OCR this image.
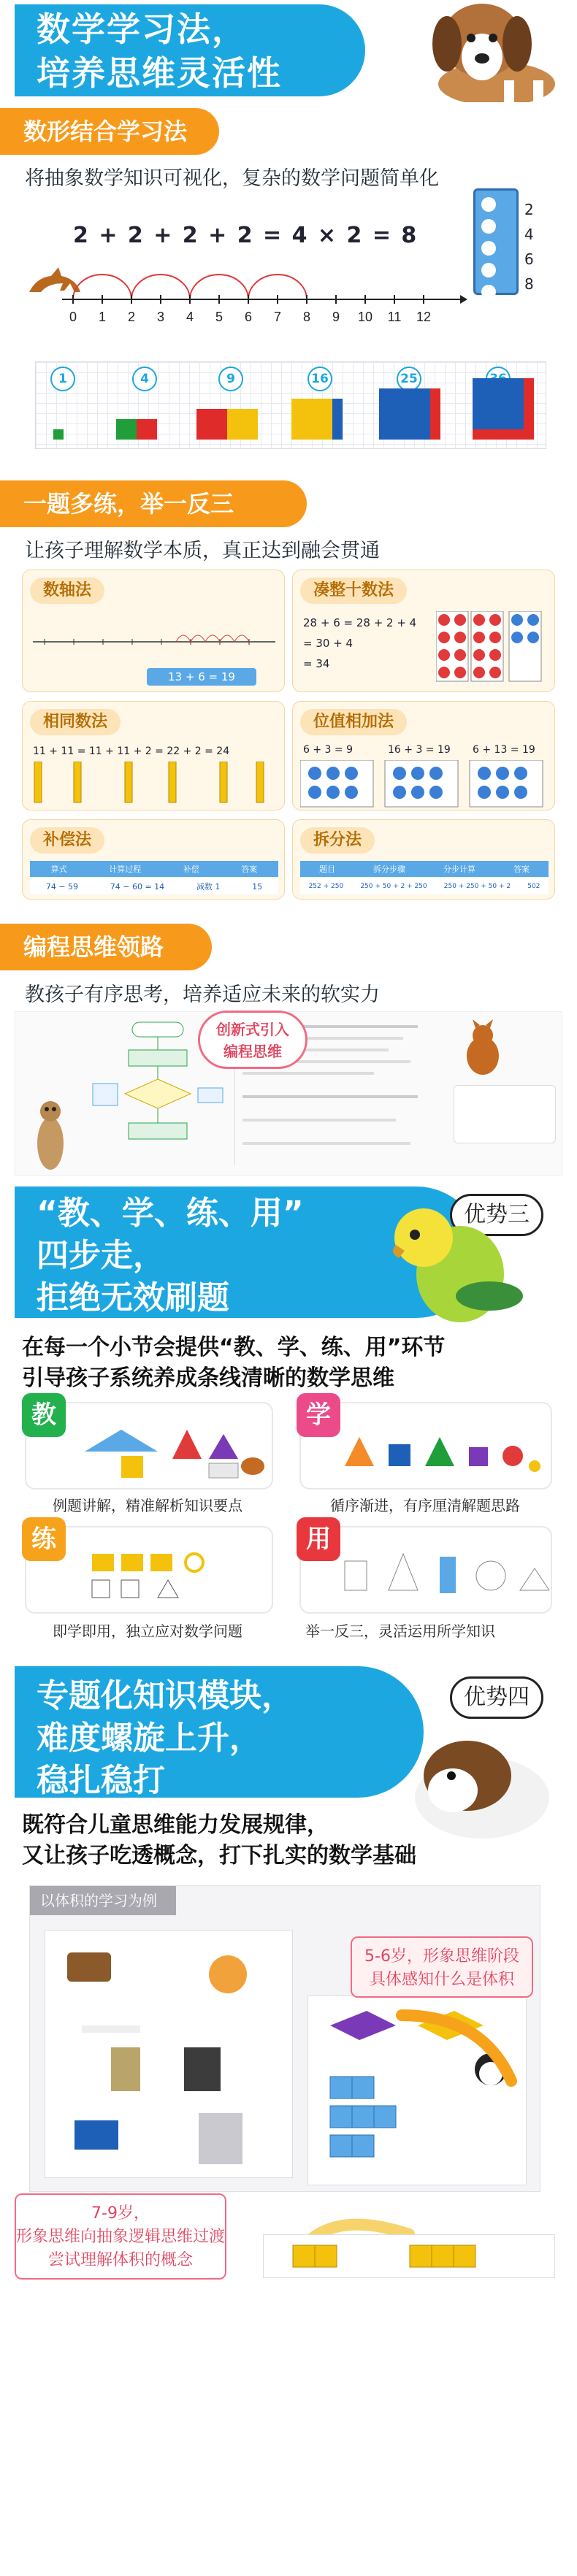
数学学习法，
培养思维灵活性
数形结合学习法
将抽象数学知识可视化，复杂的数学问题简单化
2 + 2 + 2 + 2 = 4 × 2 = 8
0 1 2 3 4 5 6 7 8 9 10 11 12

2
4
6
8
1	4	9	16	25
一题多练，举一反三
让孩子理解数学本质，真正达到融会贯通
数轴法
13 + 6 = 19
凑整十数法
28 + 6 = 28 + 2 + 4
= 30 + 4
= 34
相同数法
11 + 11 = 11 + 11 + 2 = 22 + 2 = 24
位值相加法
6 + 3 = 9	16 + 3 = 19 6 + 13 = 19
补偿法
算式	计算过程	补偿	答案
74 − 59	74 − 60 = 14	减数 1	15
拆分法
题目	拆分步骤	分步计算	答案
252 + 250	250 + 50 + 2 + 250	250 + 250 + 50 + 2	502
编程思维领路
教孩子有序思考，培养适应未来的软实力
创新式引入
编程思维
“教、学、练、用”
四步走，
拒绝无效刷题
优势三
在每一个小节会提供“教、学、练、用”环节
引导孩子系统养成条线清晰的数学思维
教
例题讲解，精准解析知识要点
学
循序渐进，有序厘清解题思路
练
即学即用，独立应对数学问题
用
举一反三，灵活运用所学知识
专题化知识模块，
难度螺旋上升，
稳扎稳打
优势四
既符合儿童思维能力发展规律，
又让孩子吃透概念，打下扎实的数学基础
以体积的学习为例
5-6岁，形象思维阶段
具体感知什么是体积
7-9岁，
形象思维向抽象逻辑思维过渡
尝试理解体积的概念
